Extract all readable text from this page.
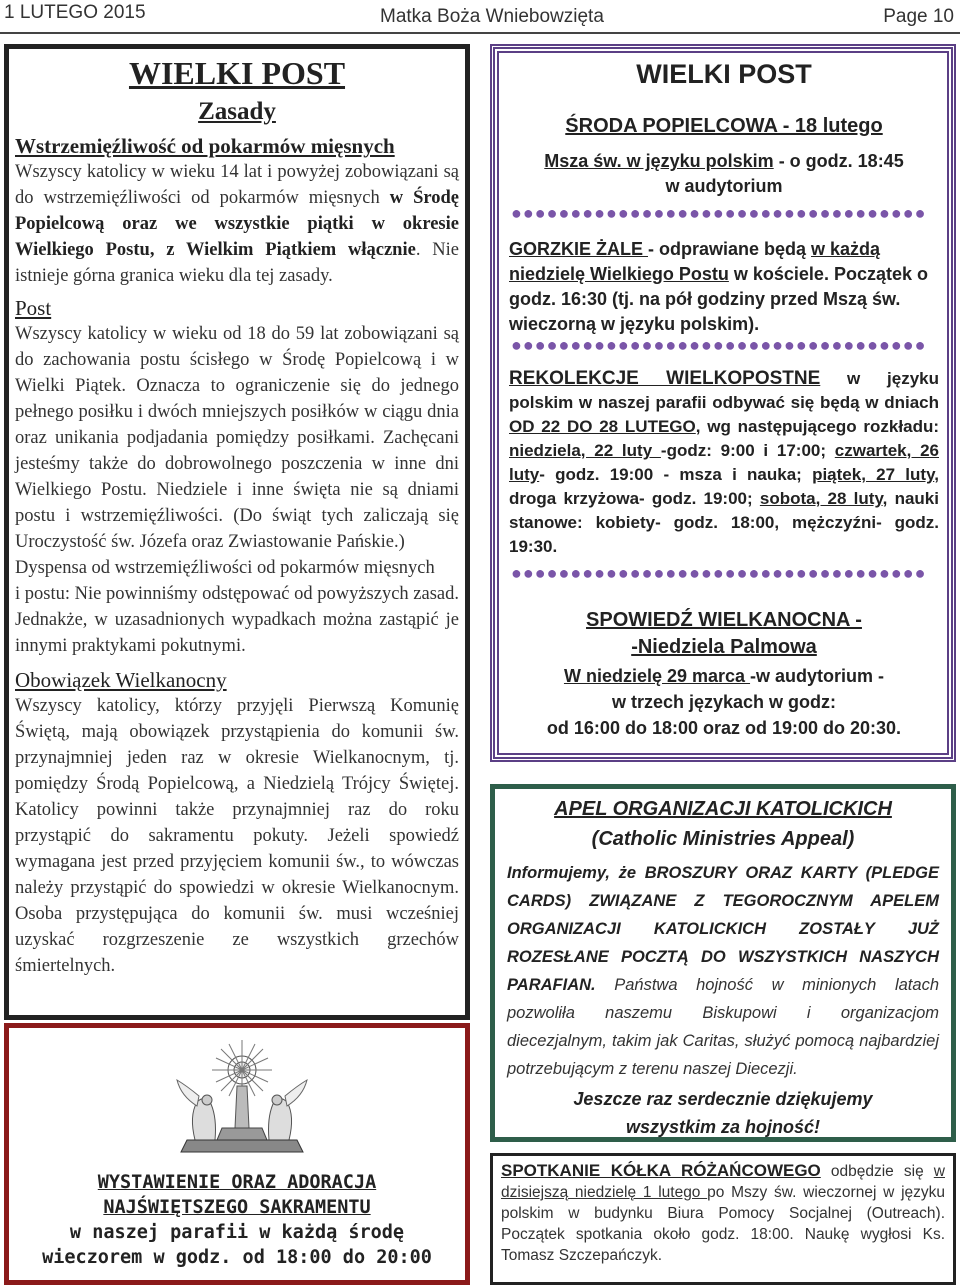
1 LUTEGO 2015	Matka Boża Wniebowzięta	Page 10

WIELKI POST

Zasady

Wstrzemięźliwość od pokarmów mięsnych

Wszyscy katolicy w wieku 14 lat i powyżej zobowiązani są do wstrzemięźliwości od pokarmów mięsnych w Środę Popielcową oraz we wszystkie piątki w okresie Wielkiego Postu, z Wielkim Piątkiem włącznie. Nie istnieje górna granica wieku dla tej zasady.

Post

Wszyscy katolicy w wieku od 18 do 59 lat zobowiązani są do zachowania postu ścisłego w Środę Popielcową i w Wielki Piątek. Oznacza to ograniczenie się do jednego pełnego posiłku i dwóch mniejszych posiłków w ciągu dnia oraz unikania podjadania pomiędzy posiłkami. Zachęcani jesteśmy także do dobrowolnego poszczenia w inne dni Wielkiego Postu. Niedziele i inne święta nie są dniami postu i wstrzemięźliwości. (Do świąt tych zaliczają się Uroczystość św. Józefa oraz Zwiastowanie Pańskie.)

Dyspensa od wstrzemięźliwości od pokarmów mięsnych

i postu: Nie powinniśmy odstępować od powyższych zasad. Jednakże, w uzasadnionych wypadkach można zastąpić je innymi praktykami pokutnymi.

Obowiązek Wielkanocny

Wszyscy katolicy, którzy przyjęli Pierwszą Komunię Świętą, mają obowiązek przystąpienia do komunii św. przynajmniej jeden raz w okresie Wielkanocnym, tj. pomiędzy Środą Popielcową, a Niedzielą Trójcy Świętej. Katolicy powinni także przynajmniej raz do roku przystąpić do sakramentu pokuty. Jeżeli spowiedź wymagana jest przed przyjęciem komunii św., to wówczas należy przystąpić do spowiedzi w okresie Wielkanocnym. Osoba przystępująca do komunii św. musi wcześniej uzyskać rozgrzeszenie ze wszystkich grzechów śmiertelnych.

WYSTAWIENIE ORAZ ADORACJA
NAJŚWIĘTSZEGO SAKRAMENTU
w naszej parafii w każdą środę
wieczorem w godz. od 18:00 do 20:00
WIELKI POST
ŚRODA POPIELCOWA - 18 lutego
Msza św. w języku polskim - o godz. 18:45
w audytorium
●●●●●●●●●●●●●●●●●●●●●●●●●●●●●●●●●●●
GORZKIE ŻALE - odprawiane będą w każdą niedzielę Wielkiego Postu w kościele. Początek o godz. 16:30 (tj. na pół godziny przed Mszą św. wieczorną w języku polskim).
●●●●●●●●●●●●●●●●●●●●●●●●●●●●●●●●●●●
REKOLEKCJE WIELKOPOSTNE w języku polskim w naszej parafii odbywać się będą w dniach OD 22 DO 28 LUTEGO, wg następującego rozkładu: niedziela, 22 luty -godz: 9:00 i 17:00; czwartek, 26 luty- godz. 19:00 - msza i nauka; piątek, 27 luty, droga krzyżowa- godz. 19:00; sobota, 28 luty, nauki stanowe: kobiety- godz. 18:00, mężczyźni- godz. 19:30.
●●●●●●●●●●●●●●●●●●●●●●●●●●●●●●●●●●●
SPOWIEDŹ WIELKANOCNA -
-Niedziela Palmowa
W niedzielę 29 marca -w audytorium -
w trzech językach w godz:
od 16:00 do 18:00 oraz od 19:00 do 20:30.

APEL ORGANIZACJI KATOLICKICH

(Catholic Ministries Appeal)

Informujemy, że BROSZURY ORAZ KARTY (PLEDGE CARDS) ZWIĄZANE Z TEGOROCZNYM APELEM ORGANIZACJI KATOLICKICH ZOSTAŁY JUŻ ROZESŁANE POCZTĄ DO WSZYSTKICH NASZYCH PARAFIAN. Państwa hojność w minionych latach pozwoliła naszemu Biskupowi i organizacjom diecezjalnym, takim jak Caritas, służyć pomocą najbardziej potrzebującym z terenu naszej Diecezji.

Jeszcze raz serdecznie dziękujemy
wszystkim za hojność!

SPOTKANIE KÓŁKA RÓŻAŃCOWEGO odbędzie się w dzisiejszą niedzielę 1 lutego po Mszy św. wieczornej w języku polskim w budynku Biura Pomocy Socjalnej (Outreach). Początek spotkania około godz. 18:00. Naukę wygłosi Ks. Tomasz Szczepańczyk.
